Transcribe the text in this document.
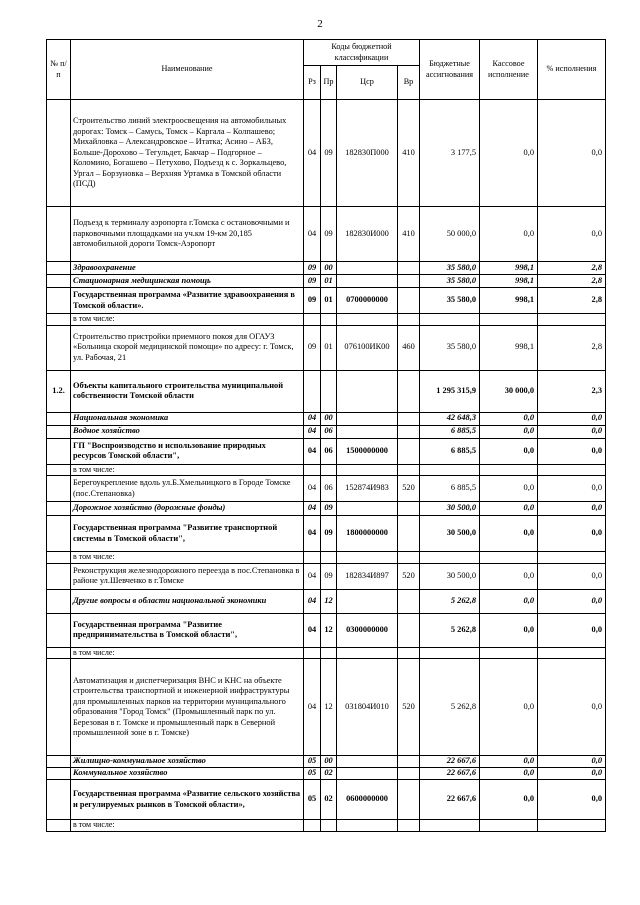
2
№ п/п	Наименование	Коды бюджетной классификации				Бюджетные ассигнования	Кассовое исполнение	% исполнения
		Рз	Пр	Цср	Вр			
	Строительство линий электроосвещения на автомобильных дорогах: Томск – Самусь, Томск – Каргала – Колпашево; Михайловка – Александровское – Итатка; Асино – АБЗ, Больше-Дорохово – Тегульдет, Бакчар – Подгорное – Коломино, Богашево – Петухово, Подъезд к с. Зоркальцево, Ургал – Борзуновка – Верхняя Уртамка в Томской области (ПСД)	04	09	182830П000	410	3 177,5	0,0	0,0
	Подъезд к терминалу аэропорта г.Томска с остановочными и парковочными площадками на уч.км 19-км 20,185 автомобильной дороги Томск-Аэропорт	04	09	182830И000	410	50 000,0	0,0	0,0
	Здравоохранение	09	00			35 580,0	998,1	2,8
	Стационарная медицинская помощь	09	01			35 580,0	998,1	2,8
	Государственная программа «Развитие здравоохранения в Томской области».	09	01	0700000000		35 580,0	998,1	2,8
	в том числе:							
	Строительство пристройки приемного покоя для ОГАУЗ «Больница скорой медицинской помощи» по адресу: г. Томск, ул. Рабочая, 21	09	01	076100ИК00	460	35 580,0	998,1	2,8
1.2.	Объекты капитального строительства муниципальной собственности Томской области					1 295 315,9	30 000,0	2,3
	Национальная экономика	04	00			42 648,3	0,0	0,0
	Водное хозяйство	04	06			6 885,5	0,0	0,0
	ГП "Воспроизводство и использование природных ресурсов Томской области",	04	06	1500000000		6 885,5	0,0	0,0
	в том числе:							
	Берегоукрепление вдоль ул.Б.Хмельницкого в Городе Томске (пос.Степановка)	04	06	152874И983	520	6 885,5	0,0	0,0
	Дорожное хозяйство (дорожные фонды)	04	09			30 500,0	0,0	0,0
	Государственная программа "Развитие транспортной системы в Томской области",	04	09	1800000000		30 500,0	0,0	0,0
	в том числе:							
	Реконструкция железнодорожного переезда в пос.Степановка в районе ул.Шевченко в г.Томске	04	09	182834И897	520	30 500,0	0,0	0,0
	Другие вопросы в области национальной экономики	04	12			5 262,8	0,0	0,0
	Государственная программа "Развитие предпринимательства в Томской области",	04	12	0300000000		5 262,8	0,0	0,0
	в том числе:							
	Автоматизация и диспетчеризация ВНС и КНС на объекте строительства транспортной и инженерной инфраструктуры для промышленных парков на территории муниципального образования "Город Томск" (Промышленный парк по ул. Березовая в г. Томске и промышленный парк в Северной промышленной зоне в г. Томске)	04	12	031804И010	520	5 262,8	0,0	0,0
	Жилищно-коммунальное хозяйство	05	00			22 667,6	0,0	0,0
	Коммунальное хозяйство	05	02			22 667,6	0,0	0,0
	Государственная программа «Развитие сельского хозяйства и регулируемых рынков в Томской области»,	05	02	0600000000		22 667,6	0,0	0,0
	в том числе:							
